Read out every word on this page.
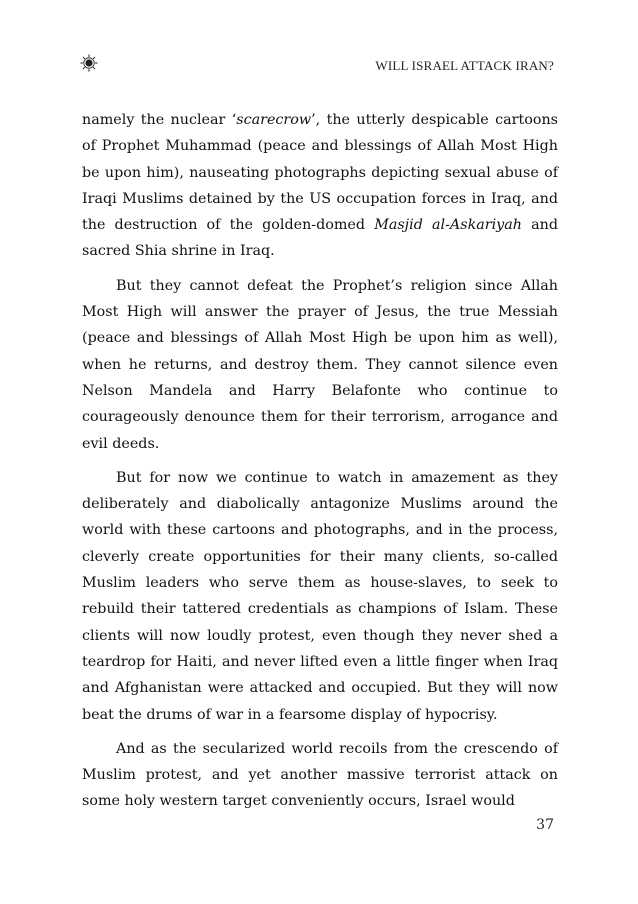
WILL ISRAEL ATTACK IRAN?

namely the nuclear ‘scarecrow’, the utterly despicable cartoons of Prophet Muhammad (peace and blessings of Allah Most High be upon him), nauseating photographs depicting sexual abuse of Iraqi Muslims detained by the US occupation forces in Iraq, and the destruction of the golden-domed Masjid al-Askariyah and sacred Shia shrine in Iraq.

But they cannot defeat the Prophet’s religion since Allah Most High will answer the prayer of Jesus, the true Messiah (peace and blessings of Allah Most High be upon him as well), when he returns, and destroy them. They cannot silence even Nelson Mandela and Harry Belafonte who continue to courageously denounce them for their terrorism, arrogance and evil deeds.

But for now we continue to watch in amazement as they deliberately and diabolically antagonize Muslims around the world with these cartoons and photographs, and in the process, cleverly create opportunities for their many clients, so-called Muslim leaders who serve them as house-slaves, to seek to rebuild their tattered credentials as champions of Islam. These clients will now loudly protest, even though they never shed a teardrop for Haiti, and never lifted even a little finger when Iraq and Afghanistan were attacked and occupied. But they will now beat the drums of war in a fearsome display of hypocrisy.

And as the secularized world recoils from the crescendo of Muslim protest, and yet another massive terrorist attack on some holy western target conveniently occurs, Israel would

37
